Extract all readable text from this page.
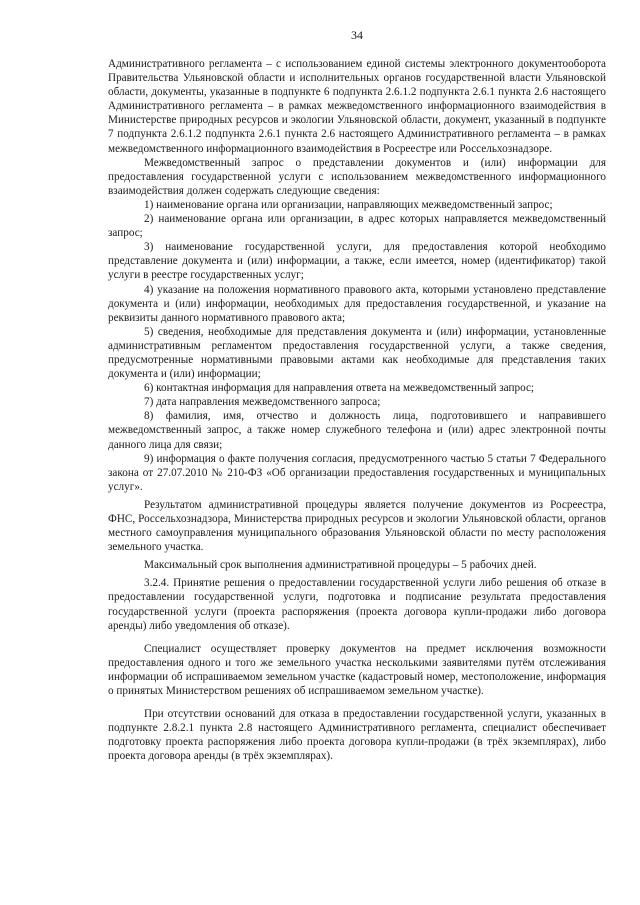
34

Административного регламента – с использованием единой системы электронного документооборота Правительства Ульяновской области и исполнительных органов государственной власти Ульяновской области, документы, указанные в подпункте 6 подпункта 2.6.1.2 подпункта 2.6.1 пункта 2.6 настоящего Административного регламента – в рамках межведомственного информационного взаимодействия в Министерстве природных ресурсов и экологии Ульяновской области, документ, указанный в подпункте 7 подпункта 2.6.1.2 подпункта 2.6.1 пункта 2.6 настоящего Административного регламента – в рамках межведомственного информационного взаимодействия в Росреестре или Россельхознадзоре.

Межведомственный запрос о представлении документов и (или) информации для предоставления государственной услуги с использованием межведомственного информационного взаимодействия должен содержать следующие сведения:

1) наименование органа или организации, направляющих межведомственный запрос;

2) наименование органа или организации, в адрес которых направляется межведомственный запрос;

3) наименование государственной услуги, для предоставления которой необходимо представление документа и (или) информации, а также, если имеется, номер (идентификатор) такой услуги в реестре государственных услуг;

4) указание на положения нормативного правового акта, которыми установлено представление документа и (или) информации, необходимых для предоставления государственной, и указание на реквизиты данного нормативного правового акта;

5) сведения, необходимые для представления документа и (или) информации, установленные административным регламентом предоставления государственной услуги, а также сведения, предусмотренные нормативными правовыми актами как необходимые для представления таких документа и (или) информации;

6) контактная информация для направления ответа на межведомственный запрос;

7) дата направления межведомственного запроса;

8) фамилия, имя, отчество и должность лица, подготовившего и направившего межведомственный запрос, а также номер служебного телефона и (или) адрес электронной почты данного лица для связи;

9) информация о факте получения согласия, предусмотренного частью 5 статьи 7 Федерального закона от 27.07.2010 № 210-ФЗ «Об организации предоставления государственных и муниципальных услуг».

Результатом административной процедуры является получение документов из Росреестра, ФНС, Россельхознадзора, Министерства природных ресурсов и экологии Ульяновской области, органов местного самоуправления муниципального образования Ульяновской области по месту расположения земельного участка.

Максимальный срок выполнения административной процедуры – 5 рабочих дней.

3.2.4. Принятие решения о предоставлении государственной услуги либо решения об отказе в предоставлении государственной услуги, подготовка и подписание результата предоставления государственной услуги (проекта распоряжения (проекта договора купли-продажи либо договора аренды) либо уведомления об отказе).

Специалист осуществляет проверку документов на предмет исключения возможности предоставления одного и того же земельного участка несколькими заявителями путём отслеживания информации об испрашиваемом земельном участке (кадастровый номер, местоположение, информация о принятых Министерством решениях об испрашиваемом земельном участке).

При отсутствии оснований для отказа в предоставлении государственной услуги, указанных в подпункте 2.8.2.1 пункта 2.8 настоящего Административного регламента, специалист обеспечивает подготовку проекта распоряжения либо проекта договора купли-продажи (в трёх экземплярах), либо проекта договора аренды (в трёх экземплярах).
